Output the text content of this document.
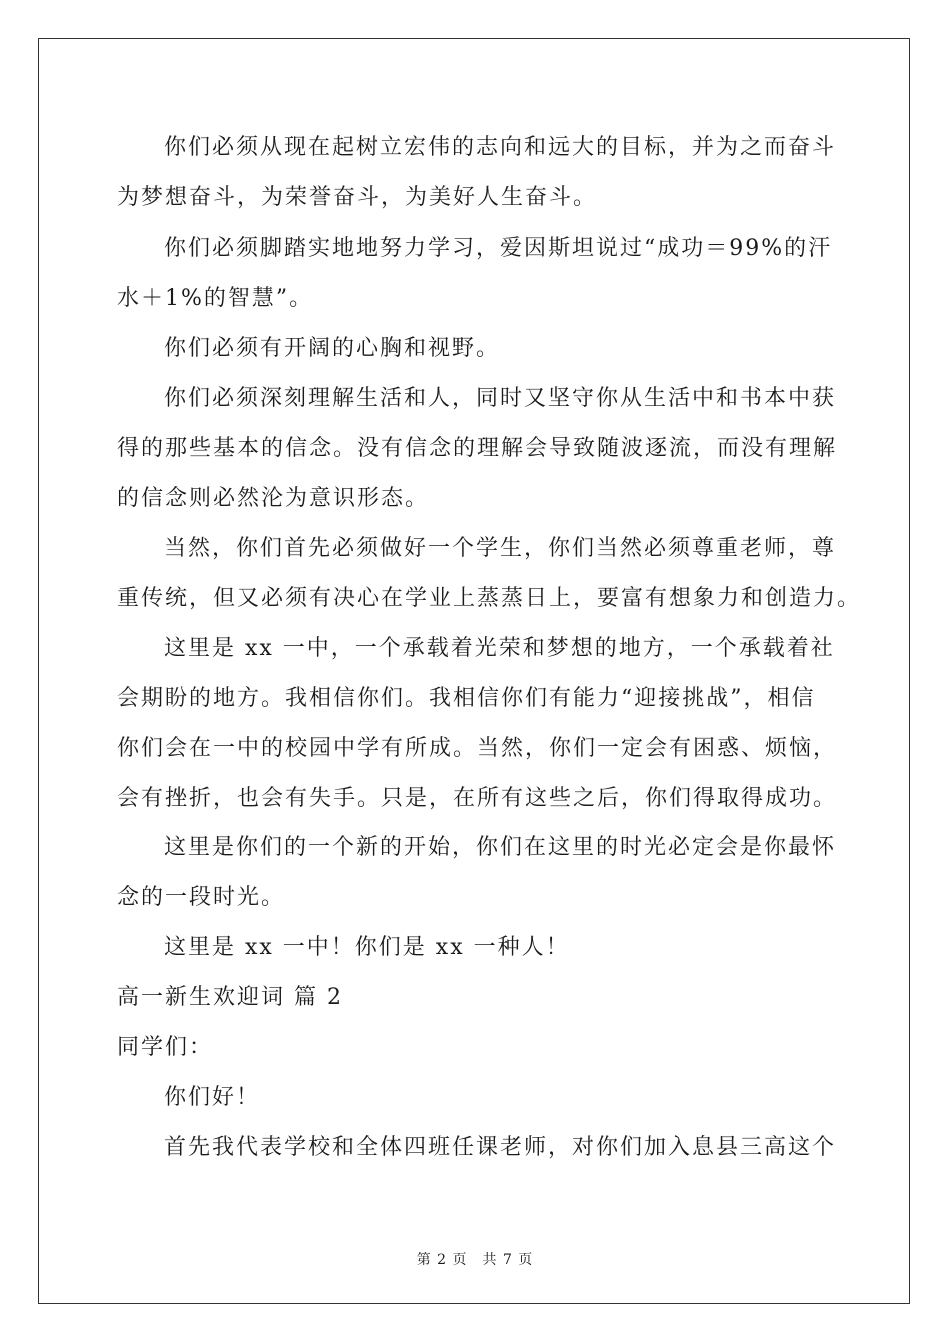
你们必须从现在起树立宏伟的志向和远大的目标，并为之而奋斗
为梦想奋斗，为荣誉奋斗，为美好人生奋斗。
你们必须脚踏实地地努力学习，爱因斯坦说过“成功＝99%的汗
水＋1%的智慧”。
你们必须有开阔的心胸和视野。
你们必须深刻理解生活和人，同时又坚守你从生活中和书本中获
得的那些基本的信念。没有信念的理解会导致随波逐流，而没有理解
的信念则必然沦为意识形态。
当然，你们首先必须做好一个学生，你们当然必须尊重老师，尊
重传统，但又必须有决心在学业上蒸蒸日上，要富有想象力和创造力。
这里是 xx 一中，一个承载着光荣和梦想的地方，一个承载着社
会期盼的地方。我相信你们。我相信你们有能力“迎接挑战”，相信
你们会在一中的校园中学有所成。当然，你们一定会有困惑、烦恼，
会有挫折，也会有失手。只是，在所有这些之后，你们得取得成功。
这里是你们的一个新的开始，你们在这里的时光必定会是你最怀
念的一段时光。
这里是 xx 一中！你们是 xx 一种人！
高一新生欢迎词 篇 2
同学们：
你们好！
首先我代表学校和全体四班任课老师，对你们加入息县三高这个
第 2 页　共 7 页
